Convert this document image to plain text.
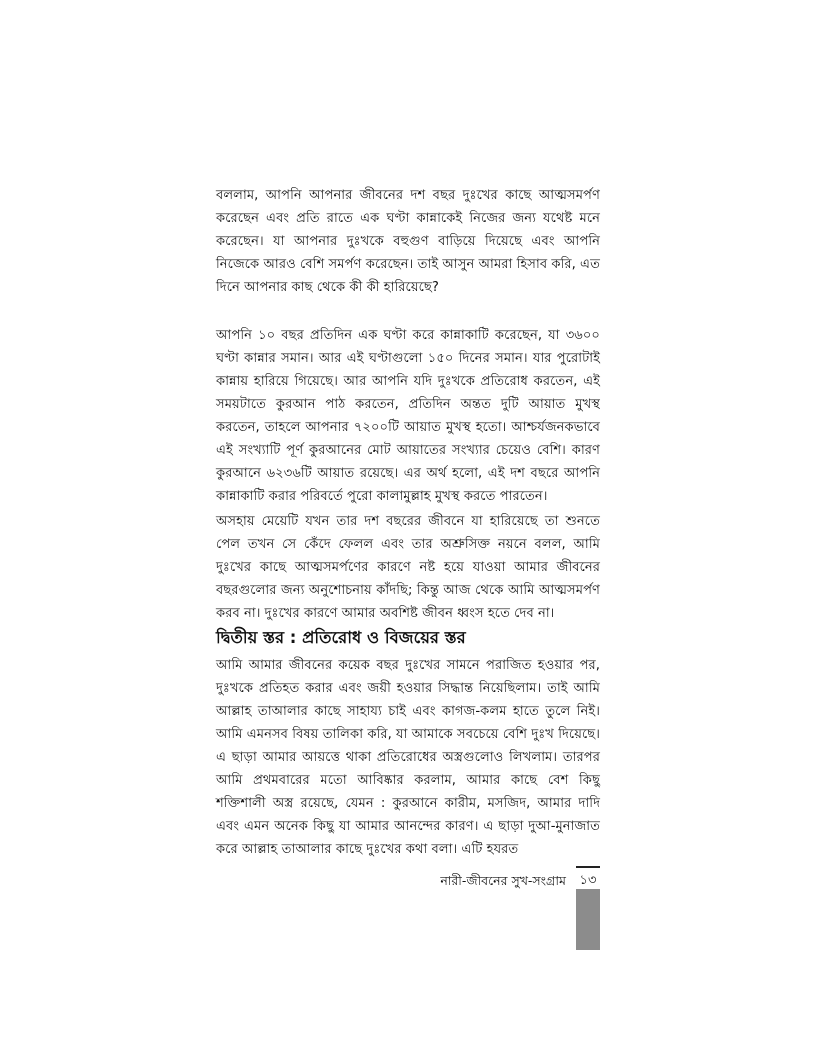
বললাম, আপনি আপনার জীবনের দশ বছর দুঃখের কাছে আত্মসমর্পণ করেছেন এবং প্রতি রাতে এক ঘণ্টা কান্নাকেই নিজের জন্য যথেষ্ট মনে করেছেন। যা আপনার দুঃখকে বহুগুণ বাড়িয়ে দিয়েছে এবং আপনি নিজেকে আরও বেশি সমর্পণ করেছেন। তাই আসুন আমরা হিসাব করি, এত দিনে আপনার কাছ থেকে কী কী হারিয়েছে?

আপনি ১০ বছর প্রতিদিন এক ঘণ্টা করে কান্নাকাটি করেছেন, যা ৩৬০০ ঘণ্টা কান্নার সমান। আর এই ঘণ্টাগুলো ১৫০ দিনের সমান। যার পুরোটাই কান্নায় হারিয়ে গিয়েছে। আর আপনি যদি দুঃখকে প্রতিরোধ করতেন, এই সময়টাতে কুরআন পাঠ করতেন, প্রতিদিন অন্তত দুটি আয়াত মুখস্থ করতেন, তাহলে আপনার ৭২০০টি আয়াত মুখস্থ হতো। আশ্চর্যজনকভাবে এই সংখ্যাটি পূর্ণ কুরআনের মোট আয়াতের সংখ্যার চেয়েও বেশি। কারণ কুরআনে ৬২৩৬টি আয়াত রয়েছে। এর অর্থ হলো, এই দশ বছরে আপনি কান্নাকাটি করার পরিবর্তে পুরো কালামুল্লাহ মুখস্থ করতে পারতেন।

অসহায় মেয়েটি যখন তার দশ বছরের জীবনে যা হারিয়েছে তা শুনতে পেল তখন সে কেঁদে ফেলল এবং তার অশ্রুসিক্ত নয়নে বলল, আমি দুঃখের কাছে আত্মসমর্পণের কারণে নষ্ট হয়ে যাওয়া আমার জীবনের বছরগুলোর জন্য অনুশোচনায় কাঁদছি; কিন্তু আজ থেকে আমি আত্মসমর্পণ করব না। দুঃখের কারণে আমার অবশিষ্ট জীবন ধ্বংস হতে দেব না।

দ্বিতীয় স্তর : প্রতিরোধ ও বিজয়ের স্তর

আমি আমার জীবনের কয়েক বছর দুঃখের সামনে পরাজিত হওয়ার পর, দুঃখকে প্রতিহত করার এবং জয়ী হওয়ার সিদ্ধান্ত নিয়েছিলাম। তাই আমি আল্লাহ তাআলার কাছে সাহায্য চাই এবং কাগজ-কলম হাতে তুলে নিই। আমি এমনসব বিষয় তালিকা করি, যা আমাকে সবচেয়ে বেশি দুঃখ দিয়েছে। এ ছাড়া আমার আয়ত্তে থাকা প্রতিরোধের অস্ত্রগুলোও লিখলাম। তারপর আমি প্রথমবারের মতো আবিষ্কার করলাম, আমার কাছে বেশ কিছু শক্তিশালী অস্ত্র রয়েছে, যেমন : কুরআনে কারীম, মসজিদ, আমার দাদি এবং এমন অনেক কিছু যা আমার আনন্দের কারণ। এ ছাড়া দুআ-মুনাজাত করে আল্লাহ তাআলার কাছে দুঃখের কথা বলা। এটি হযরত

নারী-জীবনের সুখ-সংগ্রাম ১৩
